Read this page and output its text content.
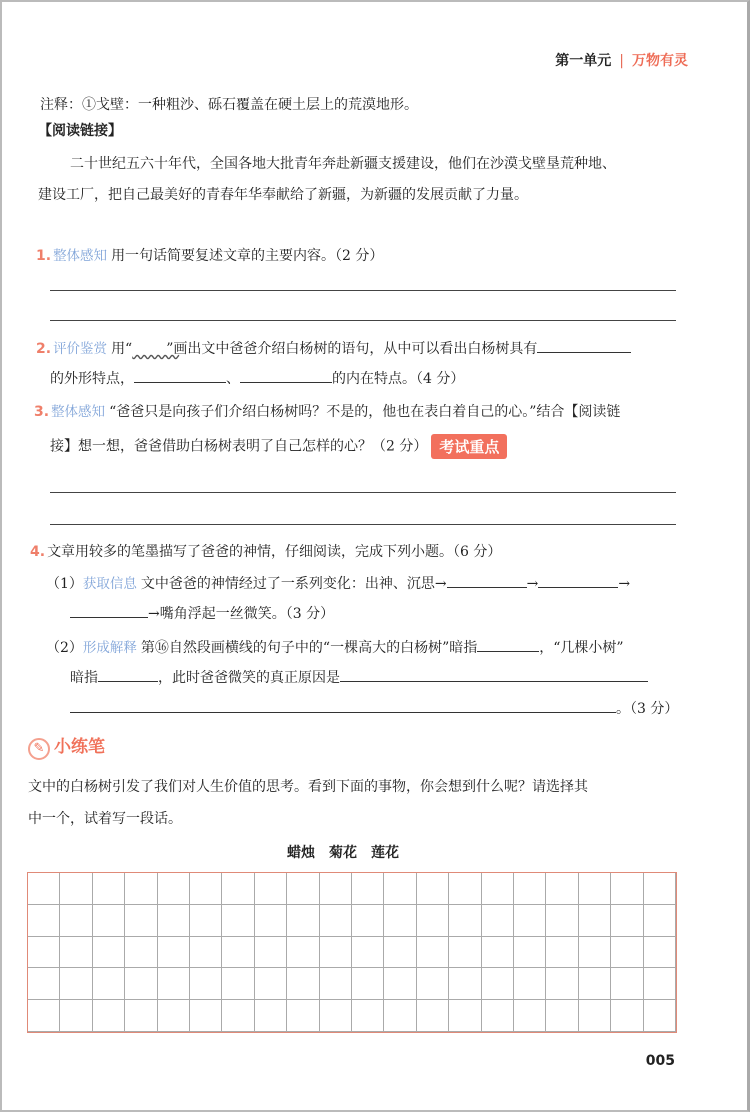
第一单元 | 万物有灵
注释：①戈壁：一种粗沙、砾石覆盖在硬土层上的荒漠地形。
【阅读链接】
二十世纪五六十年代，全国各地大批青年奔赴新疆支援建设，他们在沙漠戈壁垦荒种地、
建设工厂，把自己最美好的青春年华奉献给了新疆，为新疆的发展贡献了力量。
1. 整体感知 用一句话简要复述文章的主要内容。（2 分）
2. 评价鉴赏 用“ ”画出文中爸爸介绍白杨树的语句，从中可以看出白杨树具有
的外形特点，	、	的内在特点。（4 分）
3. 整体感知 “爸爸只是向孩子们介绍白杨树吗？不是的，他也在表白着自己的心。”结合【阅读链
接】想一想，爸爸借助白杨树表明了自己怎样的心？（2 分） 考试重点
4. 文章用较多的笔墨描写了爸爸的神情，仔细阅读，完成下列小题。（6 分）
（1）获取信息 文中爸爸的神情经过了一系列变化：出神、沉思→	→	→
→嘴角浮起一丝微笑。（3 分）
（2）形成解释 第⑯自然段画横线的句子中的“一棵高大的白杨树”暗指	，“几棵小树”
暗指	，此时爸爸微笑的真正原因是
。（3 分）
✎ 小练笔
文中的白杨树引发了我们对人生价值的思考。看到下面的事物，你会想到什么呢？请选择其
中一个，试着写一段话。
蜡烛 菊花 莲花
005
